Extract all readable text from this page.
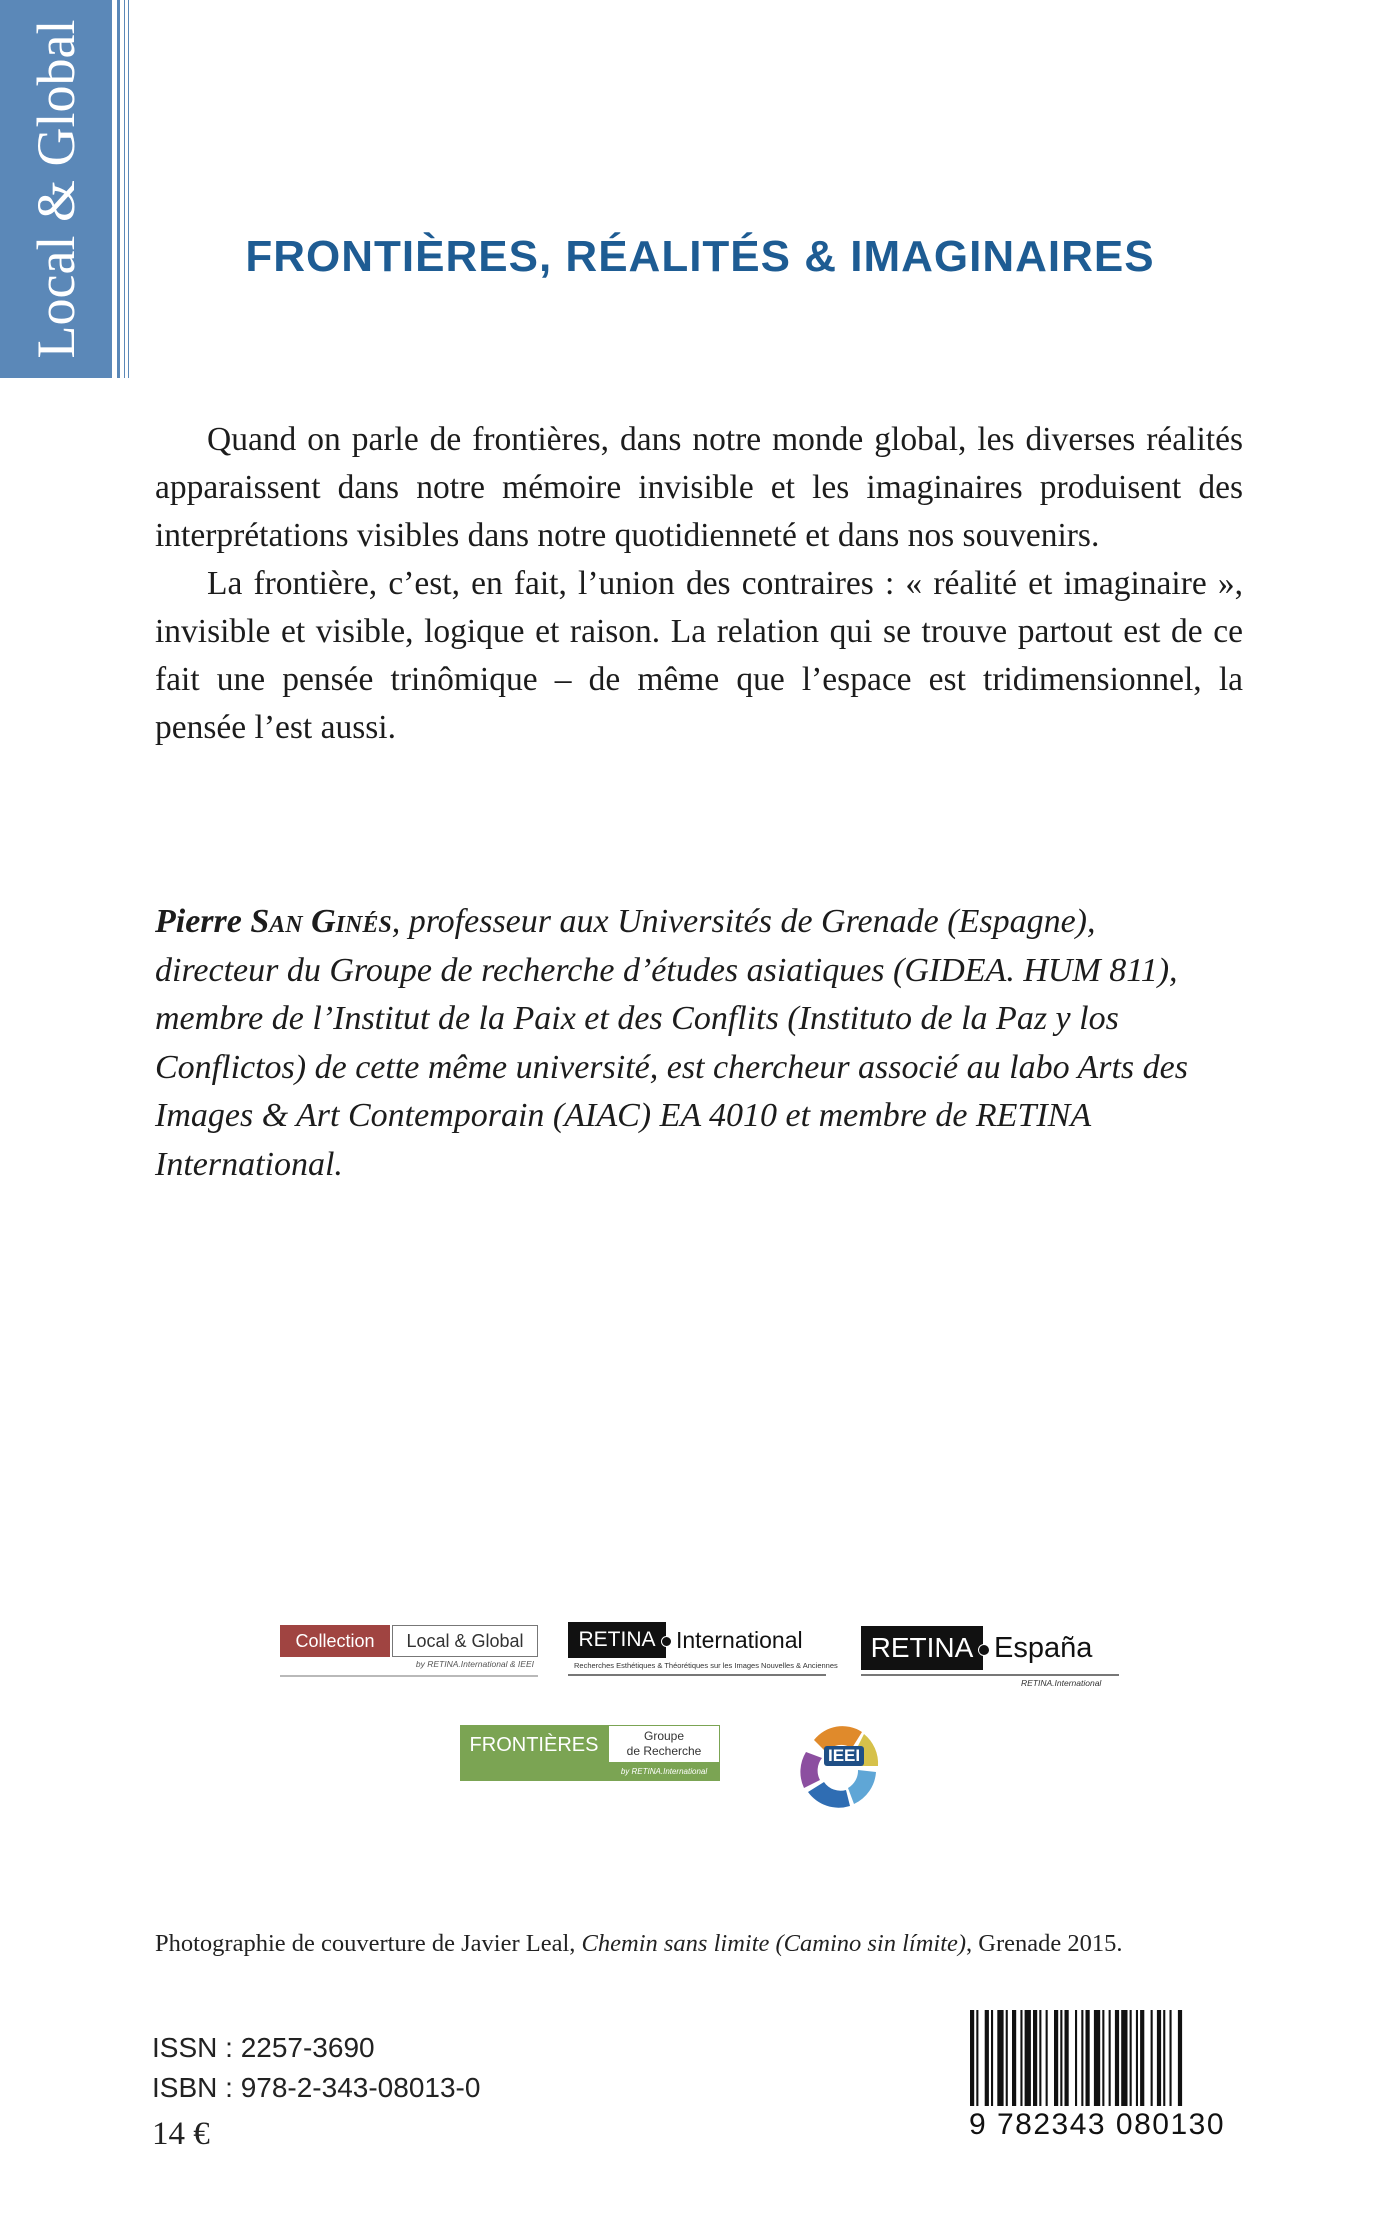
Local & Global	FRONTIÈRES, RÉALITÉS & IMAGINAIRES

Quand on parle de frontières, dans notre monde global, les diverses réalités apparaissent dans notre mémoire invisible et les imaginaires produisent des interprétations visibles dans notre quotidienneté et dans nos souvenirs.

La frontière, c’est, en fait, l’union des contraires : « réalité et imaginaire », invisible et visible, logique et raison. La relation qui se trouve partout est de ce fait une pensée trinômique – de même que l’espace est tridimensionnel, la pensée l’est aussi.

Pierre San Ginés, professeur aux Universités de Grenade (Espagne), directeur du Groupe de recherche d’études asiatiques (GIDEA. HUM 811), membre de l’Institut de la Paix et des Conflits (Instituto de la Paz y los Conflictos) de cette même université, est chercheur associé au labo Arts des Images & Art Contemporain (AIAC) EA 4010 et membre de RETINA International.
Collection	Local & Global
by RETINA.International & IEEI
RETINA International
Recherches Esthétiques & Théorétiques sur les Images Nouvelles & Anciennes
RETINA España
RETINA.International
FRONTIÈRES	Groupe
de Recherche
by RETINA.International
IEEI
Photographie de couverture de Javier Leal, Chemin sans limite (Camino sin límite), Grenade 2015.
ISSN : 2257-3690
ISBN : 978-2-343-08013-0
14 €	9 782343 080130
